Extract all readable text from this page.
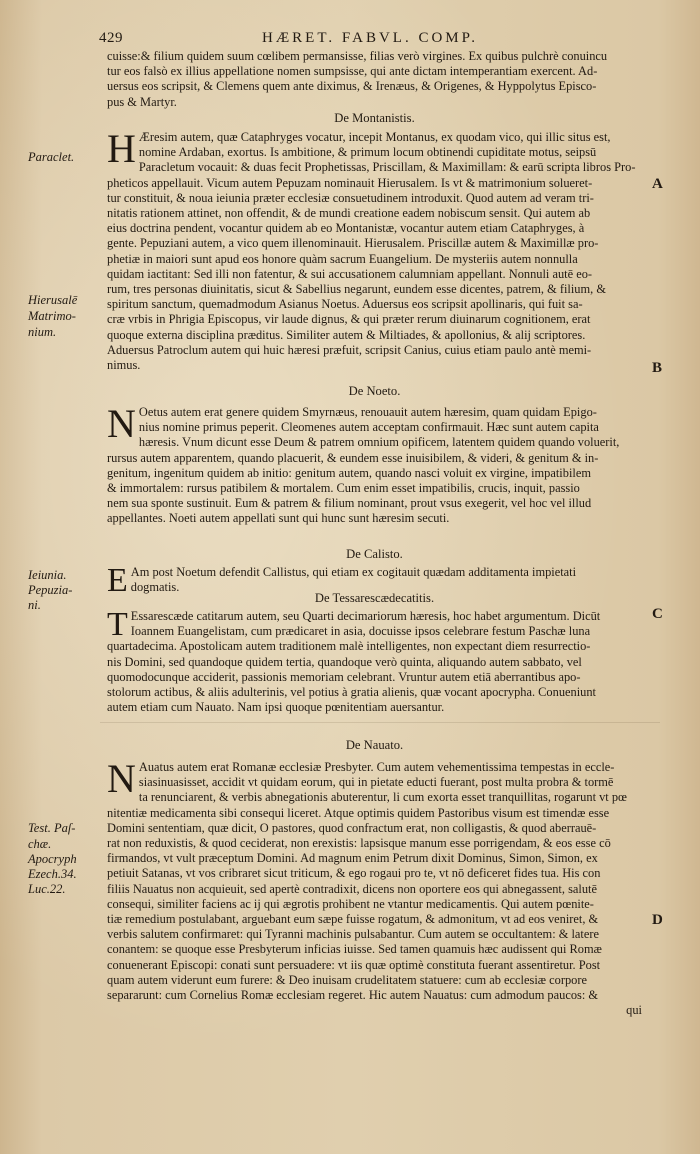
429	HÆRET. FABVL. COMP.

cuisse:& filium quidem suum cœlibem permansisse, filias verò virgines. Ex quibus pulchrè conuincu

tur eos falsò ex illius appellatione nomen sumpsisse, qui ante dictam intemperantiam exercent. Ad-

uersus eos scripsit, & Clemens quem ante diximus, & Irenæus, & Origenes, & Hyppolytus Episco-

pus & Martyr.

De Montanistis.
H Æresim autem, quæ Cataphryges vocatur, incepit Montanus, ex quodam vico, qui illic situs est,

nomine Ardaban, exortus. Is ambitione, & primum locum obtinendi cupiditate motus, seipsū

Paracletum vocauit: & duas fecit Prophetissas, Priscillam, & Maximillam: & earū scripta libros Pro-

pheticos appellauit. Vicum autem Pepuzam nominauit Hierusalem. Is vt & matrimonium solueret-

tur constituit, & noua ieiunia præter ecclesiæ consuetudinem introduxit. Quod autem ad veram tri-

nitatis rationem attinet, non offendit, & de mundi creatione eadem nobiscum sensit. Qui autem ab

eius doctrina pendent, vocantur quidem ab eo Montanistæ, vocantur autem etiam Cataphryges, à

gente. Pepuziani autem, a vico quem illenominauit. Hierusalem. Priscillæ autem & Maximillæ pro-

phetiæ in maiori sunt apud eos honore quàm sacrum Euangelium. De mysteriis autem nonnulla

quidam iactitant: Sed illi non fatentur, & sui accusationem calumniam appellant. Nonnuli autē eo-

rum, tres personas diuinitatis, sicut & Sabellius negarunt, eundem esse dicentes, patrem, & filium, &

spiritum sanctum, quemadmodum Asianus Noetus. Aduersus eos scripsit apollinaris, qui fuit sa-

cræ vrbis in Phrigia Episcopus, vir laude dignus, & qui præter rerum diuinarum cognitionem, erat

quoque externa disciplina præditus. Similiter autem & Miltiades, & apollonius, & alij scriptores.

Aduersus Patroclum autem qui huic hæresi præfuit, scripsit Canius, cuius etiam paulo antè memi-

nimus.

De Noeto.
N Oetus autem erat genere quidem Smyrnæus, renouauit autem hæresim, quam quidam Epigo-

nius nomine primus peperit. Cleomenes autem acceptam confirmauit. Hæc sunt autem capita

hæresis. Vnum dicunt esse Deum & patrem omnium opificem, latentem quidem quando voluerit,

rursus autem apparentem, quando placuerit, & eundem esse inuisibilem, & videri, & genitum & in-

genitum, ingenitum quidem ab initio: genitum autem, quando nasci voluit ex virgine, impatibilem

& immortalem: rursus patibilem & mortalem. Cum enim esset impatibilis, crucis, inquit, passio

nem sua sponte sustinuit. Eum & patrem & filium nominant, prout vsus exegerit, vel hoc vel illud

appellantes. Noeti autem appellati sunt qui hunc sunt hæresim secuti.

De Calisto.
E Am post Noetum defendit Callistus, qui etiam ex cogitauit quædam additamenta impietati

dogmatis.

De Tessarescædecatitis.
T Essarescæde catitarum autem, seu Quarti decimariorum hæresis, hoc habet argumentum. Dicūt

Ioannem Euangelistam, cum prædicaret in asia, docuisse ipsos celebrare festum Paschæ luna

quartadecima. Apostolicam autem traditionem malè intelligentes, non expectant diem resurrectio-

nis Domini, sed quandoque quidem tertia, quandoque verò quinta, aliquando autem sabbato, vel

quomodocunque acciderit, passionis memoriam celebrant. Vruntur autem etiā aberrantibus apo-

stolorum actibus, & aliis adulterinis, vel potius à gratia alienis, quæ vocant apocrypha. Conueniunt

autem etiam cum Nauato. Nam ipsi quoque pœnitentiam auersantur.

De Nauato.
N Auatus autem erat Romanæ ecclesiæ Presbyter. Cum autem vehementissima tempestas in eccle-

siasinuasisset, accidit vt quidam eorum, qui in pietate educti fuerant, post multa probra & tormē

ta renunciarent, & verbis abnegationis abuterentur, li cum exorta esset tranquillitas, rogarunt vt pœ

nitentiæ medicamenta sibi consequi liceret. Atque optimis quidem Pastoribus visum est timendæ esse

Domini sententiam, quæ dicit, O pastores, quod confractum erat, non colligastis, & quod aberrauē-

rat non reduxistis, & quod ceciderat, non erexistis: lapsisque manum esse porrigendam, & eos esse cō

firmandos, vt vult præceptum Domini. Ad magnum enim Petrum dixit Dominus, Simon, Simon, ex

petiuit Satanas, vt vos cribraret sicut triticum, & ego rogaui pro te, vt nō deficeret fides tua. His con

filiis Nauatus non acquieuit, sed apertè contradixit, dicens non oportere eos qui abnegassent, salutē

consequi, similiter faciens ac ij qui ægrotis prohibent ne vtantur medicamentis. Qui autem pœnite-

tiæ remedium postulabant, arguebant eum sæpe fuisse rogatum, & admonitum, vt ad eos veniret, &

verbis salutem confirmaret: qui Tyranni machinis pulsabantur. Cum autem se occultantem: & latere

conantem: se quoque esse Presbyterum inficias iuisse. Sed tamen quamuis hæc audissent qui Romæ

conuenerant Episcopi: conati sunt persuadere: vt iis quæ optimè constituta fuerant assentiretur. Post

quam autem viderunt eum furere: & Deo inuisam crudelitatem statuere: cum ab ecclesiæ corpore

separarunt: cum Cornelius Romæ ecclesiam regeret. Hic autem Nauatus: cum admodum paucos: &

qui

Paraclet.
Hierusalē
Matrimo-
nium.
Ieiunia.
Pepuzia-
ni.
Test. Paſ-
chæ.
Apocryph
Ezech.34.
Luc.22.
A
B
C
D
